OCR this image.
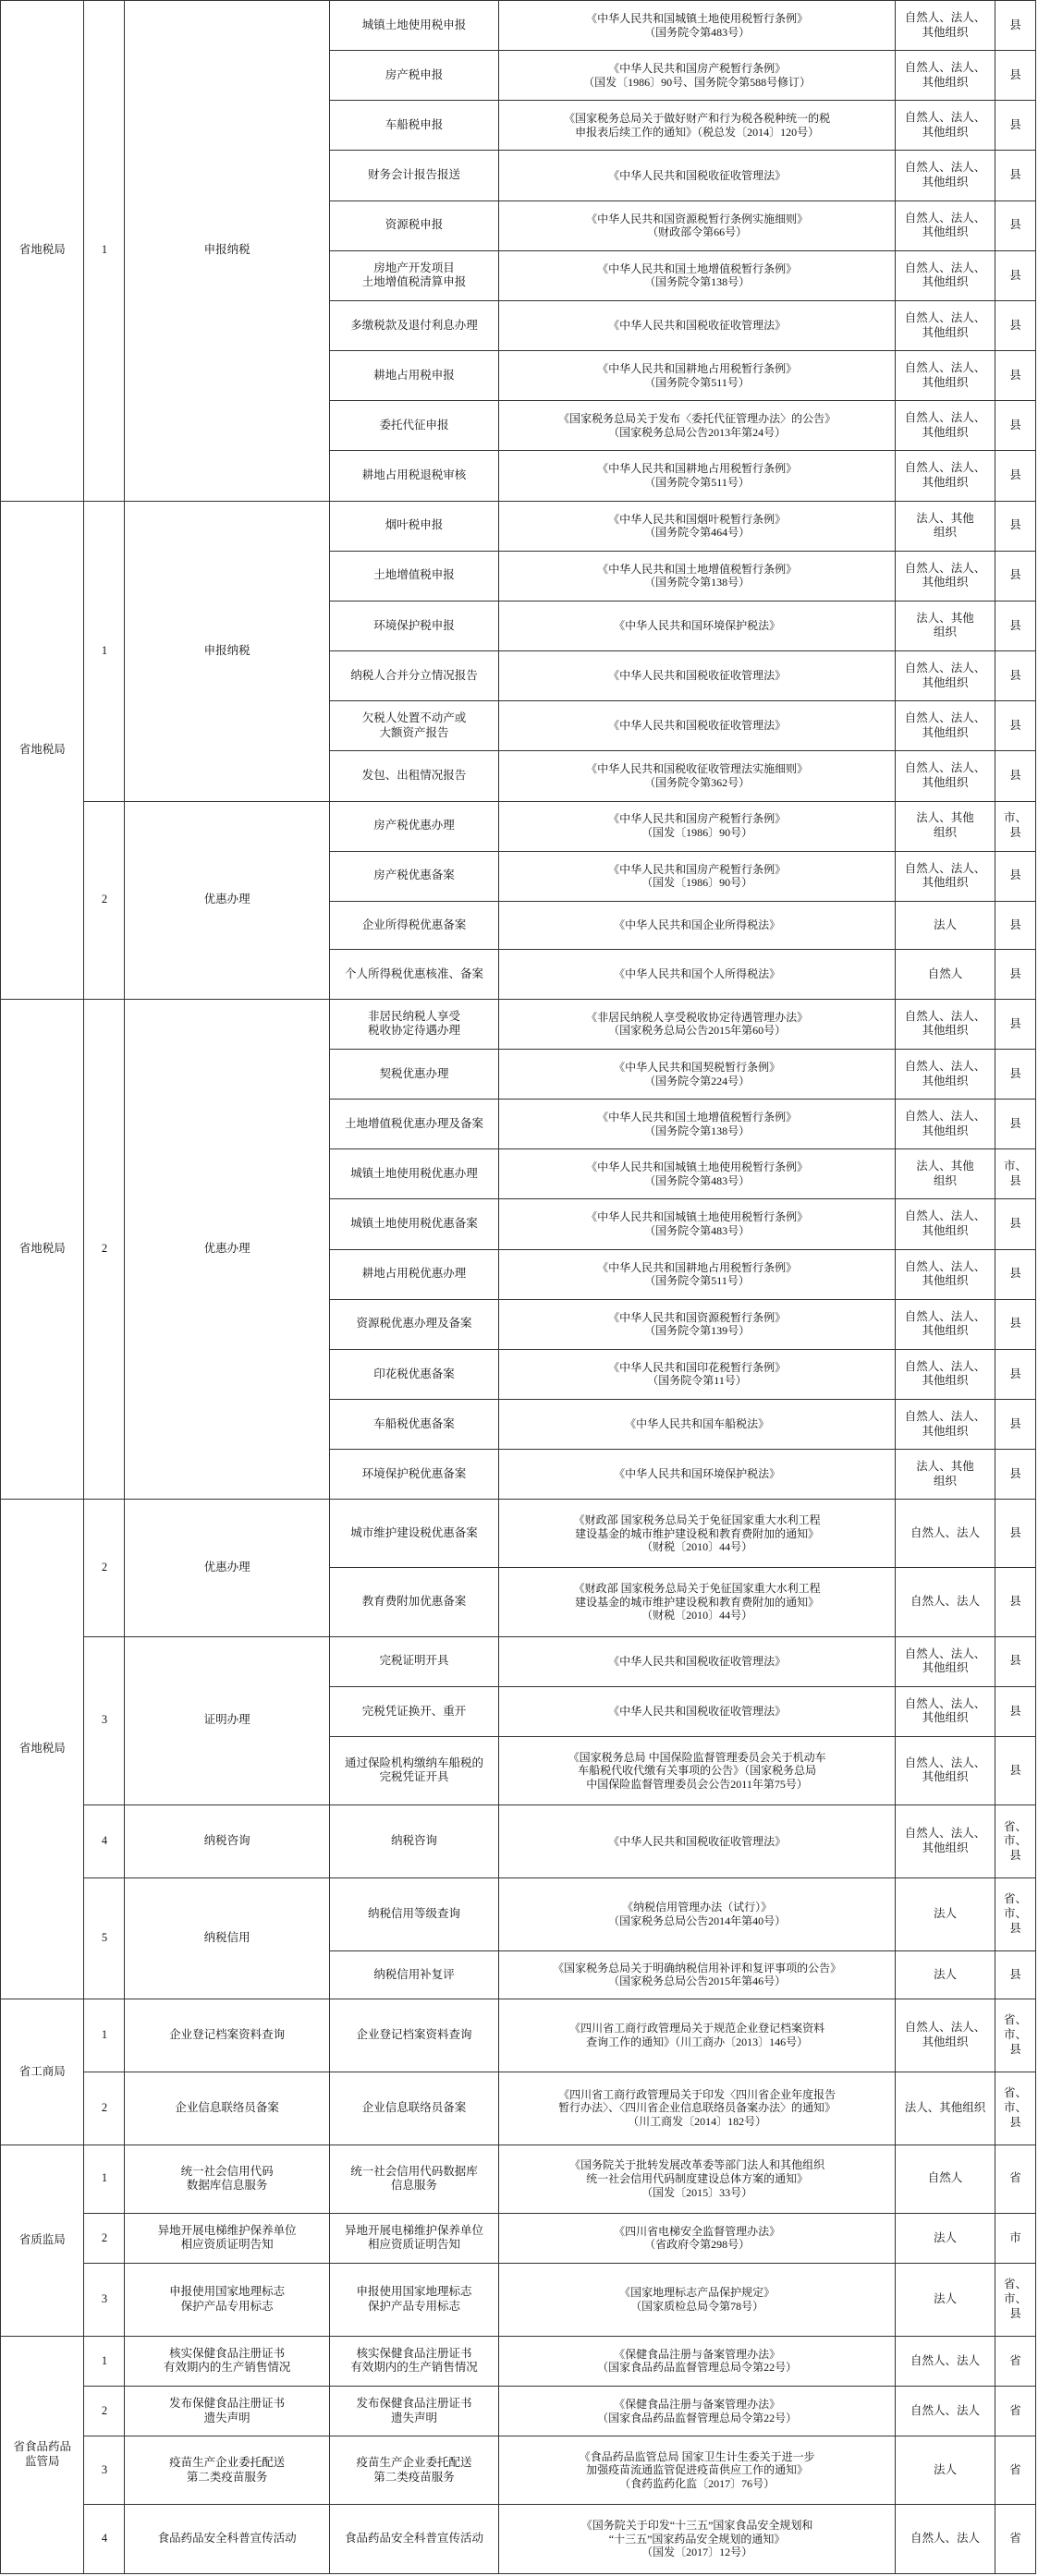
省地税局	1	申报纳税	城镇土地使用税申报	《中华人民共和国城镇土地使用税暂行条例》
（国务院令第483号）	自然人、法人、
其他组织	县
			房产税申报	《中华人民共和国房产税暂行条例》
（国发〔1986〕90号、国务院令第588号修订）	自然人、法人、
其他组织	县
			车船税申报	《国家税务总局关于做好财产和行为税各税种统一的税
申报表后续工作的通知》（税总发〔2014〕120号）	自然人、法人、
其他组织	县
			财务会计报告报送	《中华人民共和国税收征收管理法》	自然人、法人、
其他组织	县
			资源税申报	《中华人民共和国资源税暂行条例实施细则》
（财政部令第66号）	自然人、法人、
其他组织	县

			房地产开发项目
土地增值税清算申报	《中华人民共和国土地增值税暂行条例》
（国务院令第138号）	自然人、法人、
其他组织	县
			多缴税款及退付利息办理	《中华人民共和国税收征收管理法》	自然人、法人、
其他组织	县
			耕地占用税申报	《中华人民共和国耕地占用税暂行条例》
（国务院令第511号）	自然人、法人、
其他组织	县
			委托代征申报	《国家税务总局关于发布〈委托代征管理办法〉的公告》
（国家税务总局公告2013年第24号）	自然人、法人、
其他组织	县
			耕地占用税退税审核	《中华人民共和国耕地占用税暂行条例》
（国务院令第511号）	自然人、法人、
其他组织	县
省地税局	1	申报纳税	烟叶税申报	《中华人民共和国烟叶税暂行条例》
（国务院令第464号）	法人、其他
组织	县
			土地增值税申报	《中华人民共和国土地增值税暂行条例》
（国务院令第138号）	自然人、法人、
其他组织	县
			环境保护税申报	《中华人民共和国环境保护税法》	法人、其他
组织	县
			纳税人合并分立情况报告	《中华人民共和国税收征收管理法》	自然人、法人、
其他组织	县

			欠税人处置不动产或
大额资产报告	《中华人民共和国税收征收管理法》	自然人、法人、
其他组织	县
			发包、出租情况报告	《中华人民共和国税收征收管理法实施细则》
（国务院令第362号）	自然人、法人、
其他组织	县
	2	优惠办理	房产税优惠办理	《中华人民共和国房产税暂行条例》
（国发〔1986〕90号）	法人、其他
组织	市、县
			房产税优惠备案	《中华人民共和国房产税暂行条例》
（国发〔1986〕90号）	自然人、法人、
其他组织	县
			企业所得税优惠备案	《中华人民共和国企业所得税法》	法人	县
			个人所得税优惠核准、备案	《中华人民共和国个人所得税法》	自然人	县
省地税局	2	优惠办理	非居民纳税人享受
税收协定待遇办理	《非居民纳税人享受税收协定待遇管理办法》
（国家税务总局公告2015年第60号）	自然人、法人、
其他组织	县
			契税优惠办理	《中华人民共和国契税暂行条例》
（国务院令第224号）	自然人、法人、
其他组织	县
			土地增值税优惠办理及备案	《中华人民共和国土地增值税暂行条例》
（国务院令第138号）	自然人、法人、
其他组织	县
			城镇土地使用税优惠办理	《中华人民共和国城镇土地使用税暂行条例》
（国务院令第483号）	法人、其他
组织	市、县
			城镇土地使用税优惠备案	《中华人民共和国城镇土地使用税暂行条例》
（国务院令第483号）	自然人、法人、
其他组织	县
			耕地占用税优惠办理	《中华人民共和国耕地占用税暂行条例》
（国务院令第511号）	自然人、法人、
其他组织	县
			资源税优惠办理及备案	《中华人民共和国资源税暂行条例》
（国务院令第139号）	自然人、法人、
其他组织	县
			印花税优惠备案	《中华人民共和国印花税暂行条例》
（国务院令第11号）	自然人、法人、
其他组织	县
			车船税优惠备案	《中华人民共和国车船税法》	自然人、法人、
其他组织	县
			环境保护税优惠备案	《中华人民共和国环境保护税法》	法人、其他
组织	县
省地税局	2	优惠办理	城市维护建设税优惠备案	《财政部 国家税务总局关于免征国家重大水利工程
建设基金的城市维护建设税和教育费附加的通知》
（财税〔2010〕44号）	自然人、法人	县
			教育费附加优惠备案	《财政部 国家税务总局关于免征国家重大水利工程
建设基金的城市维护建设税和教育费附加的通知》
（财税〔2010〕44号）	自然人、法人	县
	3	证明办理	完税证明开具	《中华人民共和国税收征收管理法》	自然人、法人、
其他组织	县
			完税凭证换开、重开	《中华人民共和国税收征收管理法》	自然人、法人、
其他组织	县

			通过保险机构缴纳车船税的
完税凭证开具	《国家税务总局 中国保险监督管理委员会关于机动车
车船税代收代缴有关事项的公告》（国家税务总局
中国保险监督管理委员会公告2011年第75号）	自然人、法人、
其他组织	县
	4	纳税咨询	纳税咨询	《中华人民共和国税收征收管理法》	自然人、法人、
其他组织	省、市、县
	5	纳税信用	纳税信用等级查询	《纳税信用管理办法（试行）》
（国家税务总局公告2014年第40号）	法人	省、市、县
			纳税信用补复评	《国家税务总局关于明确纳税信用补评和复评事项的公告》
（国家税务总局公告2015年第46号）	法人	县
省工商局	1	企业登记档案资料查询	企业登记档案资料查询	《四川省工商行政管理局关于规范企业登记档案资料
查询工作的通知》（川工商办〔2013〕146号）	自然人、法人、
其他组织	省、市、县
	2	企业信息联络员备案	企业信息联络员备案	《四川省工商行政管理局关于印发〈四川省企业年度报告
暂行办法〉、〈四川省企业信息联络员备案办法〉的通知》
（川工商发〔2014〕182号）	法人、其他组织	省、市、县
省质监局	1	统一社会信用代码
数据库信息服务	统一社会信用代码数据库
信息服务	《国务院关于批转发展改革委等部门法人和其他组织
统一社会信用代码制度建设总体方案的通知》
（国发〔2015〕33号）	自然人	省
	2	异地开展电梯维护保养单位
相应资质证明告知	异地开展电梯维护保养单位
相应资质证明告知	《四川省电梯安全监督管理办法》
（省政府令第298号）	法人	市
	3	申报使用国家地理标志
保护产品专用标志	申报使用国家地理标志
保护产品专用标志	《国家地理标志产品保护规定》
（国家质检总局令第78号）	法人	省、市、县

省食品药品
监管局	1	核实保健食品注册证书
有效期内的生产销售情况	核实保健食品注册证书
有效期内的生产销售情况	《保健食品注册与备案管理办法》
（国家食品药品监督管理总局令第22号）	自然人、法人	省
	2	发布保健食品注册证书
遗失声明	发布保健食品注册证书
遗失声明	《保健食品注册与备案管理办法》
（国家食品药品监督管理总局令第22号）	自然人、法人	省
	3	疫苗生产企业委托配送
第二类疫苗服务	疫苗生产企业委托配送
第二类疫苗服务	《食品药品监管总局 国家卫生计生委关于进一步
加强疫苗流通监管促进疫苗供应工作的通知》
（食药监药化监〔2017〕76号）	法人	省
	4	食品药品安全科普宣传活动	食品药品安全科普宣传活动	《国务院关于印发“十三五”国家食品安全规划和
“十三五”国家药品安全规划的通知》
（国发〔2017〕12号）	自然人、法人	省
